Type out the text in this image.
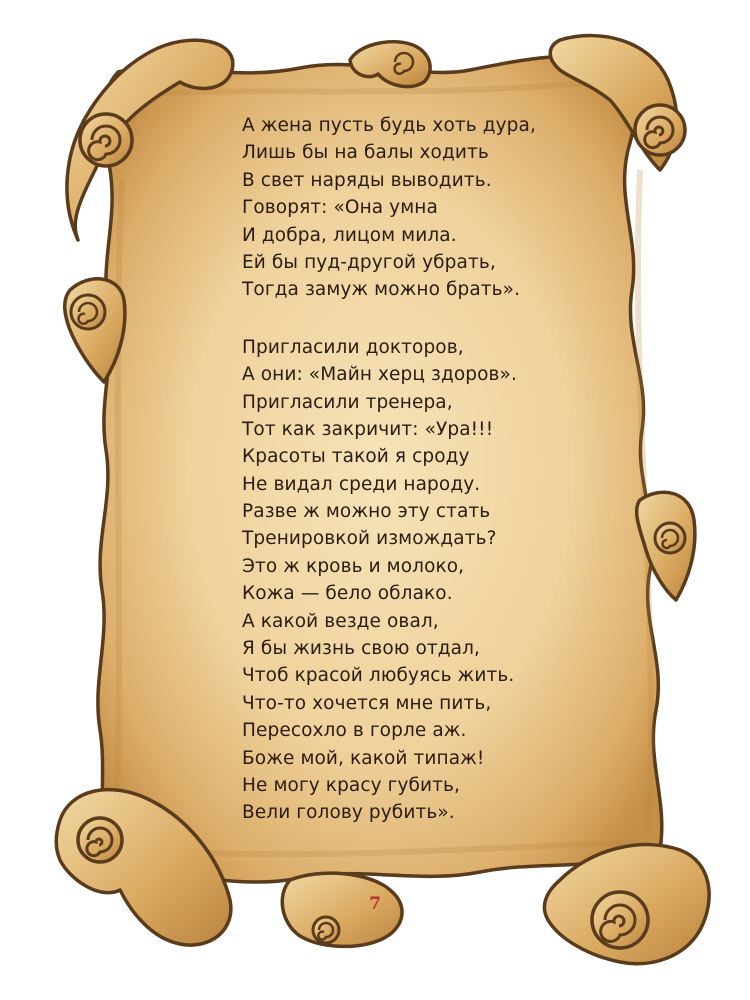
А жена пусть будь хоть дура,
Лишь бы на балы ходить
В свет наряды выводить.
Говорят: «Она умна
И добра, лицом мила.
Ей бы пуд-другой убрать,
Тогда замуж можно брать».
Пригласили докторов,
А они: «Майн херц здоров».
Пригласили тренера,
Тот как закричит: «Ура!!!
Красоты такой я сроду
Не видал среди народу.
Разве ж можно эту стать
Тренировкой измождать?
Это ж кровь и молоко,
Кожа — бело облако.
А какой везде овал,
Я бы жизнь свою отдал,
Чтоб красой любуясь жить.
Что-то хочется мне пить,
Пересохло в горле аж.
Боже мой, какой типаж!
Не могу красу губить,
Вели голову рубить».
7
